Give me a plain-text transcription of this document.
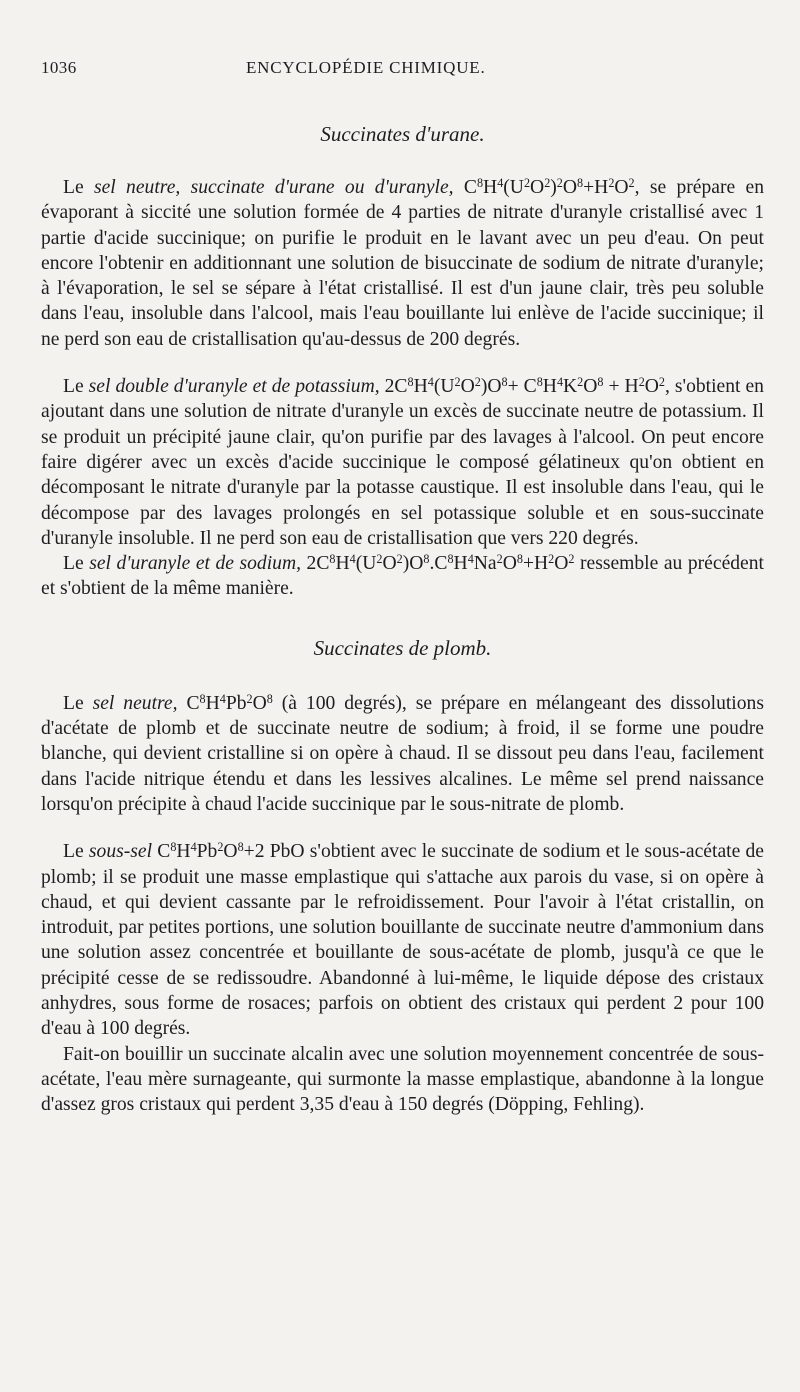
1036	ENCYCLOPÉDIE CHIMIQUE.
Succinates d'urane.

Le sel neutre, succinate d'urane ou d'uranyle, $C^8H^4(U^2O^2)^2O^8+H^2O^2$, se prépare en évaporant à siccité une solution formée de 4 parties de nitrate d'uranyle cristallisé avec 1 partie d'acide succinique; on purifie le produit en le lavant avec un peu d'eau. On peut encore l'obtenir en additionnant une solution de bisuccinate de sodium de nitrate d'uranyle; à l'évaporation, le sel se sépare à l'état cristallisé. Il est d'un jaune clair, très peu soluble dans l'eau, insoluble dans l'alcool, mais l'eau bouillante lui enlève de l'acide succinique; il ne perd son eau de cristallisation qu'au-dessus de 200 degrés.

Le sel double d'uranyle et de potassium, $2C^8H^4(U^2O^2)O^8+ C^8H^4K^2O^8 + H^2O^2$, s'obtient en ajoutant dans une solution de nitrate d'uranyle un excès de succinate neutre de potassium. Il se produit un précipité jaune clair, qu'on purifie par des lavages à l'alcool. On peut encore faire digérer avec un excès d'acide succinique le composé gélatineux qu'on obtient en décomposant le nitrate d'uranyle par la potasse caustique. Il est insoluble dans l'eau, qui le décompose par des lavages prolongés en sel potassique soluble et en sous-succinate d'uranyle insoluble. Il ne perd son eau de cristallisation que vers 220 degrés.

Le sel d'uranyle et de sodium, $2C^8H^4(U^2O^2)O^8.C^8H^4Na^2O^8+H^2O^2$ ressemble au précédent et s'obtient de la même manière.

Succinates de plomb.

Le sel neutre, $C^8H^4Pb^2O^8$ (à 100 degrés), se prépare en mélangeant des dissolutions d'acétate de plomb et de succinate neutre de sodium; à froid, il se forme une poudre blanche, qui devient cristalline si on opère à chaud. Il se dissout peu dans l'eau, facilement dans l'acide nitrique étendu et dans les lessives alcalines. Le même sel prend naissance lorsqu'on précipite à chaud l'acide succinique par le sous-nitrate de plomb.

Le sous-sel $C^8H^4Pb^2O^8+2$ PbO s'obtient avec le succinate de sodium et le sous-acétate de plomb; il se produit une masse emplastique qui s'attache aux parois du vase, si on opère à chaud, et qui devient cassante par le refroidissement. Pour l'avoir à l'état cristallin, on introduit, par petites portions, une solution bouillante de succinate neutre d'ammonium dans une solution assez concentrée et bouillante de sous-acétate de plomb, jusqu'à ce que le précipité cesse de se redissoudre. Abandonné à lui-même, le liquide dépose des cristaux anhydres, sous forme de rosaces; parfois on obtient des cristaux qui perdent 2 pour 100 d'eau à 100 degrés.

Fait-on bouillir un succinate alcalin avec une solution moyennement concentrée de sous-acétate, l'eau mère surnageante, qui surmonte la masse emplastique, abandonne à la longue d'assez gros cristaux qui perdent 3,35 d'eau à 150 degrés (Döpping, Fehling).
